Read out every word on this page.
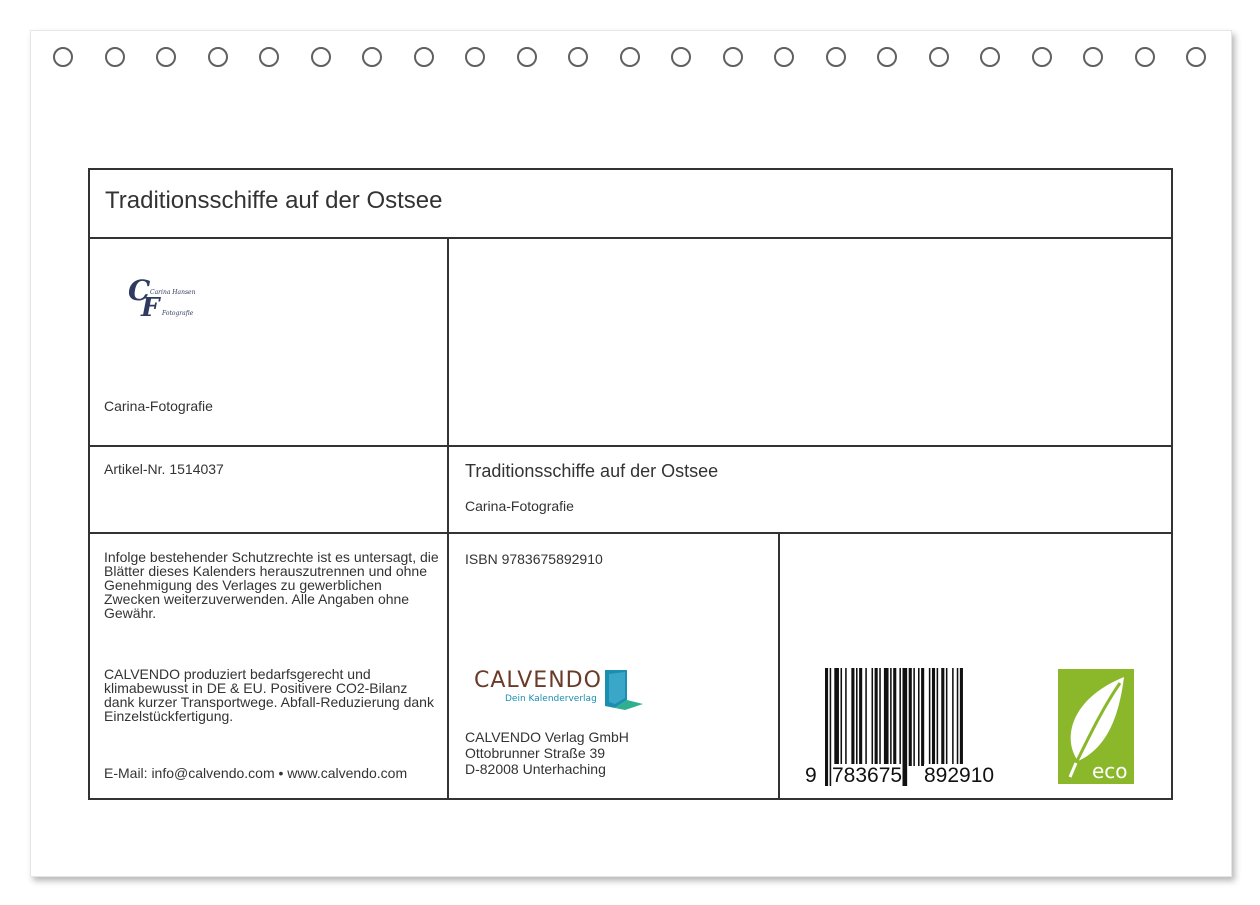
Traditionsschiffe auf der Ostsee
C
F
Carina Hansen
Fotografie
Carina-Fotografie
Artikel-Nr. 1514037	Traditionsschiffe auf der Ostsee
Carina-Fotografie
Infolge bestehender Schutzrechte ist es untersagt, die Blätter dieses Kalenders herauszutrennen und ohne Genehmigung des Verlages zu gewerblichen Zwecken weiterzuverwenden. Alle Angaben ohne Gewähr.
CALVENDO produziert bedarfsgerecht und klimabewusst in DE & EU. Positivere CO2-Bilanz dank kurzer Transportwege. Abfall-Reduzierung dank Einzelstückfertigung.
E-Mail: info@calvendo.com • www.calvendo.com
ISBN 9783675892910
CALVENDO
Dein Kalenderverlag
CALVENDO Verlag GmbH
Ottobrunner Straße 39
D-82008 Unterhaching	9 783675 892910	eco
